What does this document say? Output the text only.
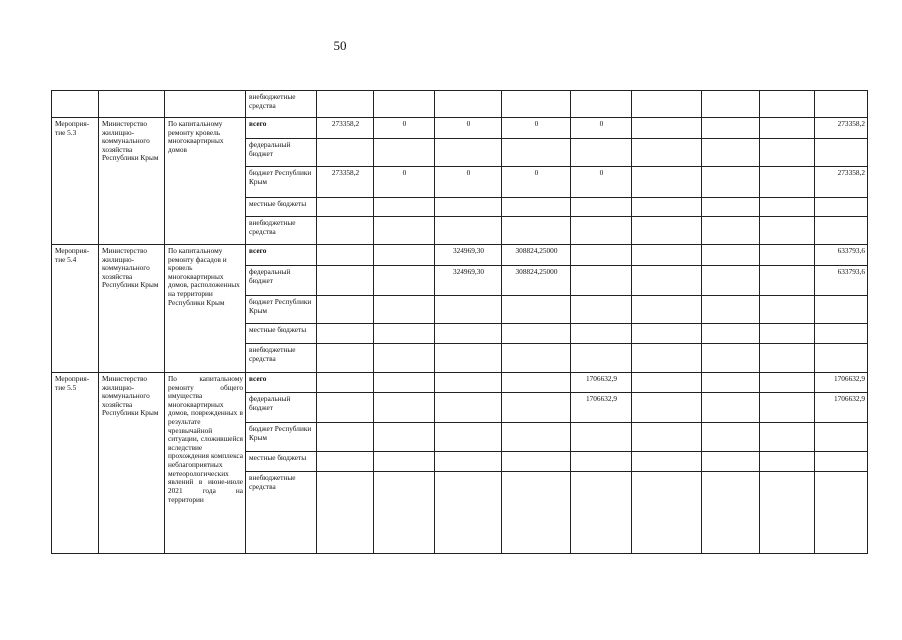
50
			внебюджетные средства									
Мероприя-тие 5.3	Министерство жилищно-коммунального хозяйства Республики Крым	По капитальному ремонту кровель многоквартирных домов	всего	273358,2	0	0	0	0				273358,2
			федеральный бюджет									
			бюджет Республики Крым	273358,2	0	0	0	0				273358,2
			местные бюджеты									
			внебюджетные средства									
Мероприя-тие 5.4	Министерство жилищно-коммунального хозяйства Республики Крым	По капитальному ремонту фасадов и кровель многоквартирных домов, расположенных на территории Республики Крым	всего			324969,30	308824,25000					633793,6
			федеральный бюджет			324969,30	308824,25000					633793,6
			бюджет Республики Крым									
			местные бюджеты									
			внебюджетные средства									
Мероприя-тие 5.5	Министерство жилищно-коммунального хозяйства Республики Крым	По капитальному ремонту общего имущества многоквартирных домов, поврежденных в результате чрезвычайной ситуации, сложившейся вследствие прохождения комплекса неблагоприятных метеорологических явлений в июне-июле 2021 года на территории	всего					1706632,9				1706632,9
			федеральный бюджет					1706632,9				1706632,9
			бюджет Республики Крым									
			местные бюджеты									
			внебюджетные средства									
